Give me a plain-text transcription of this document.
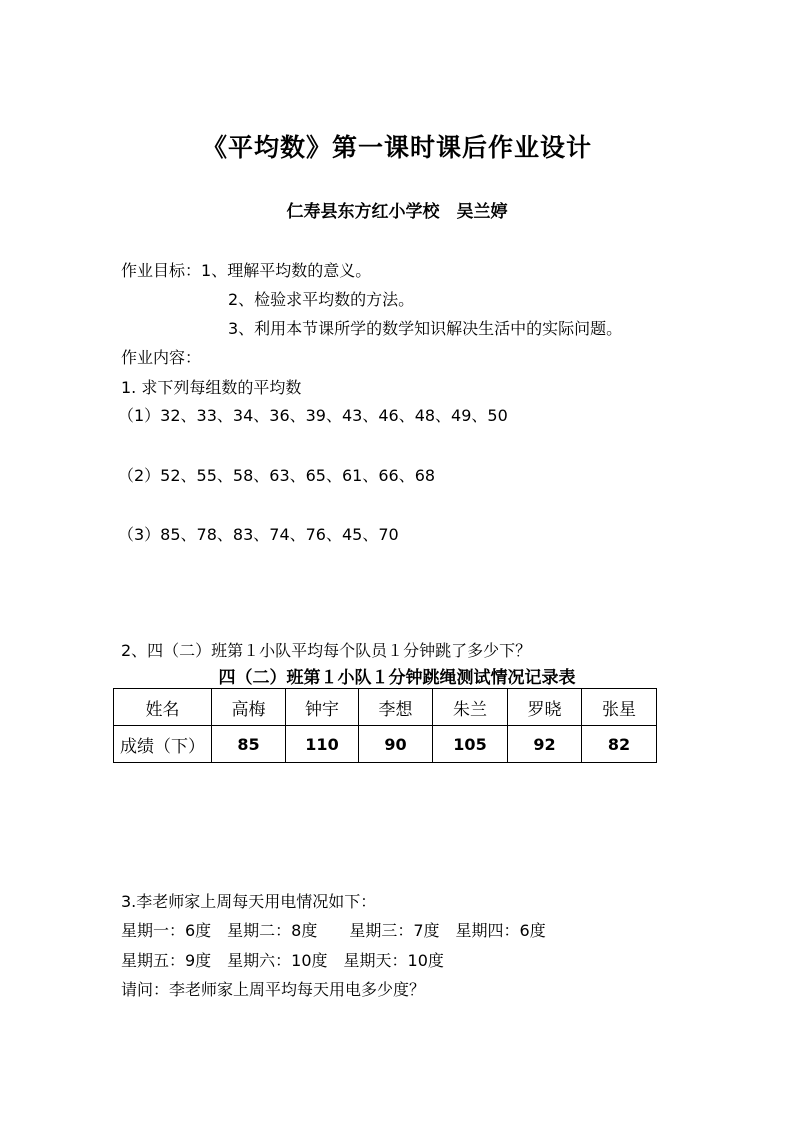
《平均数》第一课时课后作业设计
仁寿县东方红小学校　吴兰婷
作业目标：1、理解平均数的意义。
2、检验求平均数的方法。
3、利用本节课所学的数学知识解决生活中的实际问题。
作业内容：
1. 求下列每组数的平均数
（1）32、33、34、36、39、43、46、48、49、50
（2）52、55、58、63、65、61、66、68
（3）85、78、83、74、76、45、70
2、四（二）班第１小队平均每个队员１分钟跳了多少下？
四（二）班第１小队１分钟跳绳测试情况记录表
姓名	高梅	钟宇	李想	朱兰	罗晓	张星
成绩（下）	85	110	90	105	92	82
3.李老师家上周每天用电情况如下：
星期一：6度　星期二：8度　　星期三：7度　星期四：6度
星期五：9度　星期六：10度　星期天：10度
请问：李老师家上周平均每天用电多少度？
